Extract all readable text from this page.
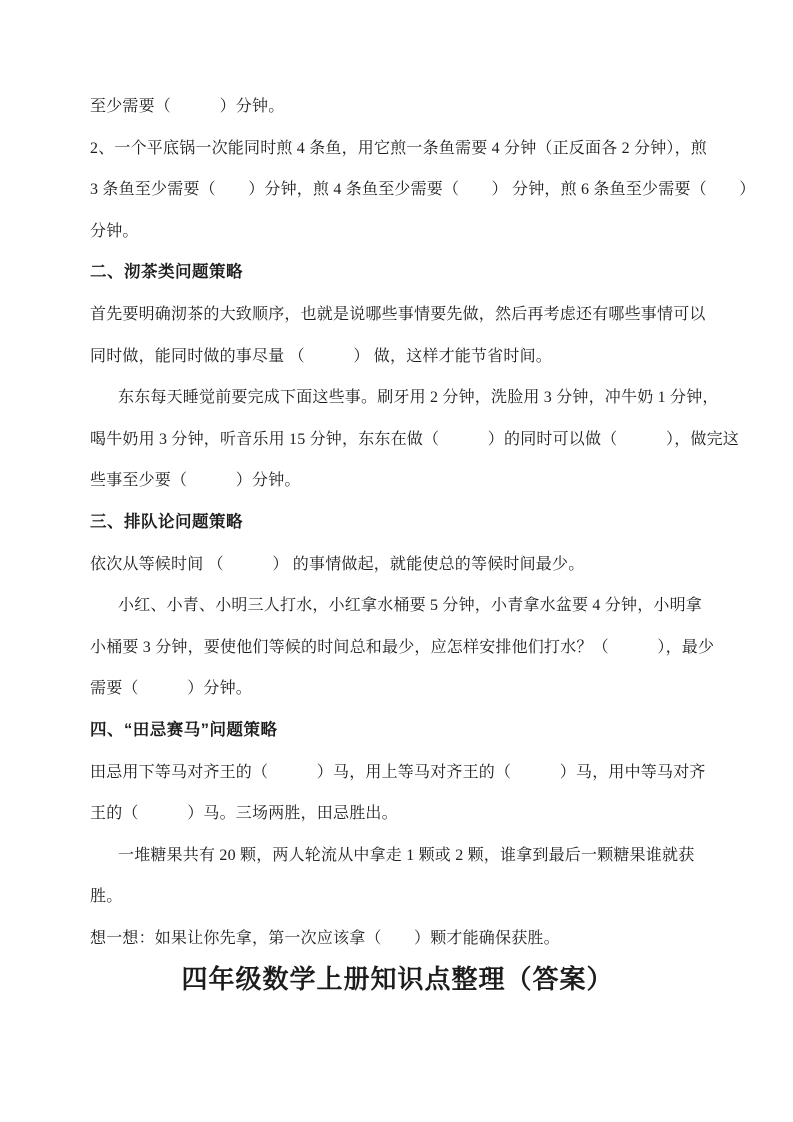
至少需要（　　　）分钟。
2、一个平底锅一次能同时煎 4 条鱼，用它煎一条鱼需要 4 分钟（正反面各 2 分钟），煎
3 条鱼至少需要（　　）分钟，煎 4 条鱼至少需要（　　） 分钟，煎 6 条鱼至少需要（　　）
分钟。
二、沏茶类问题策略
首先要明确沏茶的大致顺序，也就是说哪些事情要先做，然后再考虑还有哪些事情可以
同时做，能同时做的事尽量 （　　　） 做，这样才能节省时间。
东东每天睡觉前要完成下面这些事。刷牙用 2 分钟，洗脸用 3 分钟，冲牛奶 1 分钟，
喝牛奶用 3 分钟，听音乐用 15 分钟，东东在做（　　　）的同时可以做（　　　），做完这
些事至少要（　　　）分钟。
三、排队论问题策略
依次从等候时间 （　　　） 的事情做起，就能使总的等候时间最少。
小红、小青、小明三人打水，小红拿水桶要 5 分钟，小青拿水盆要 4 分钟，小明拿
小桶要 3 分钟，要使他们等候的时间总和最少，应怎样安排他们打水？（　　　），最少
需要（　　　）分钟。
四、“田忌赛马”问题策略
田忌用下等马对齐王的（　　　）马，用上等马对齐王的（　　　）马，用中等马对齐
王的（　　　）马。三场两胜，田忌胜出。
一堆糖果共有 20 颗，两人轮流从中拿走 1 颗或 2 颗，谁拿到最后一颗糖果谁就获
胜。
想一想：如果让你先拿，第一次应该拿（　　）颗才能确保获胜。
四年级数学上册知识点整理（答案）
